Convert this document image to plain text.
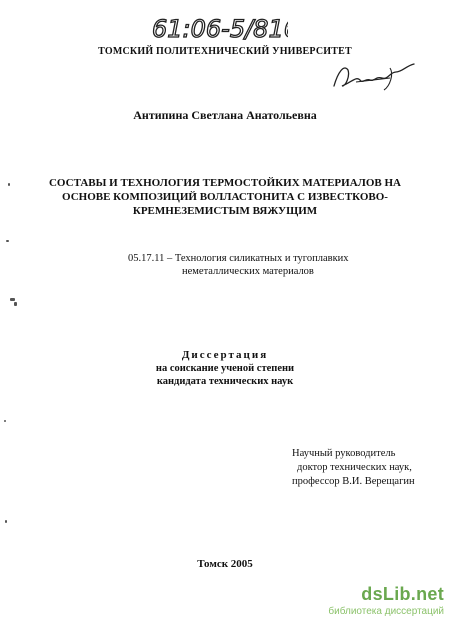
61:06-5/816
ТОМСКИЙ ПОЛИТЕХНИЧЕСКИЙ УНИВЕРСИТЕТ
Антипина Светлана Анатольевна
СОСТАВЫ И ТЕХНОЛОГИЯ ТЕРМОСТОЙКИХ МАТЕРИАЛОВ НА
ОСНОВЕ КОМПОЗИЦИЙ ВОЛЛАСТОНИТА С ИЗВЕСТКОВО-
КРЕМНЕЗЕМИСТЫМ ВЯЖУЩИМ
05.17.11 – Технология силикатных и тугоплавких
неметаллических материалов
Диссертация
на соискание ученой степени
кандидата технических наук
Научный руководитель
доктор технических наук,
профессор В.И. Верещагин
Томск 2005
dsLib.net
библиотека диссертаций
